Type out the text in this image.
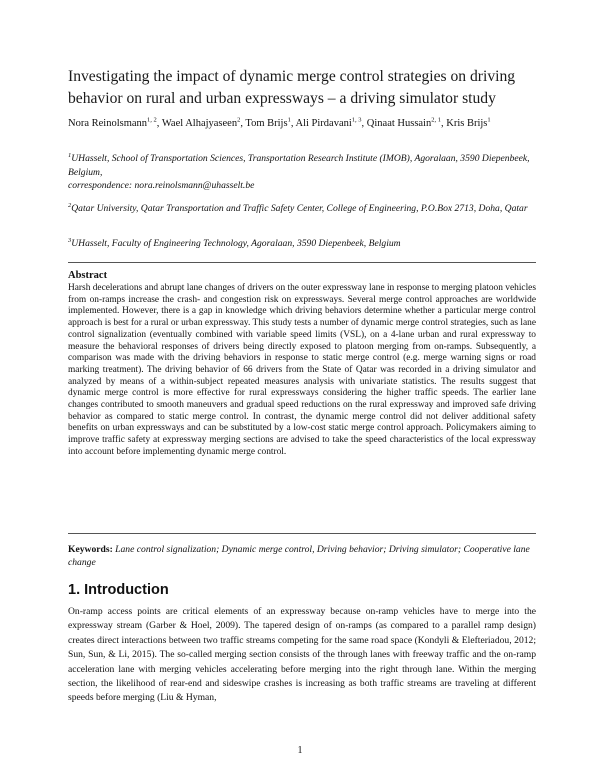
Investigating the impact of dynamic merge control strategies on driving behavior on rural and urban expressways – a driving simulator study
Nora Reinolsmann$^{1, 2}$, Wael Alhajyaseen$^2$, Tom Brijs$^1$, Ali Pirdavani$^{1, 3}$, Qinaat Hussain$^{2, 1}$, Kris Brijs$^1$
$^1$UHasselt, School of Transportation Sciences, Transportation Research Institute (IMOB), Agoralaan, 3590 Diepenbeek, Belgium,
correspondence: nora.reinolsmann@uhasselt.be
$^2$Qatar University, Qatar Transportation and Traffic Safety Center, College of Engineering, P.O.Box 2713, Doha, Qatar
$^3$UHasselt, Faculty of Engineering Technology, Agoralaan, 3590 Diepenbeek, Belgium
Abstract
Harsh decelerations and abrupt lane changes of drivers on the outer expressway lane in response to merging platoon vehicles from on-ramps increase the crash- and congestion risk on expressways. Several merge control approaches are worldwide implemented. However, there is a gap in knowledge which driving behaviors determine whether a particular merge control approach is best for a rural or urban expressway. This study tests a number of dynamic merge control strategies, such as lane control signalization (eventually combined with variable speed limits (VSL), on a 4-lane urban and rural expressway to measure the behavioral responses of drivers being directly exposed to platoon merging from on-ramps. Subsequently, a comparison was made with the driving behaviors in response to static merge control (e.g. merge warning signs or road marking treatment). The driving behavior of 66 drivers from the State of Qatar was recorded in a driving simulator and analyzed by means of a within-subject repeated measures analysis with univariate statistics. The results suggest that dynamic merge control is more effective for rural expressways considering the higher traffic speeds. The earlier lane changes contributed to smooth maneuvers and gradual speed reductions on the rural expressway and improved safe driving behavior as compared to static merge control. In contrast, the dynamic merge control did not deliver additional safety benefits on urban expressways and can be substituted by a low-cost static merge control approach. Policymakers aiming to improve traffic safety at expressway merging sections are advised to take the speed characteristics of the local expressway into account before implementing dynamic merge control.
Keywords: Lane control signalization; Dynamic merge control, Driving behavior; Driving simulator; Cooperative lane change
1. Introduction
On-ramp access points are critical elements of an expressway because on-ramp vehicles have to merge into the expressway stream (Garber & Hoel, 2009). The tapered design of on-ramps (as compared to a parallel ramp design) creates direct interactions between two traffic streams competing for the same road space (Kondyli & Elefteriadou, 2012; Sun, Sun, & Li, 2015). The so-called merging section consists of the through lanes with freeway traffic and the on-ramp acceleration lane with merging vehicles accelerating before merging into the right through lane. Within the merging section, the likelihood of rear-end and sideswipe crashes is increasing as both traffic streams are traveling at different speeds before merging (Liu & Hyman,
1
